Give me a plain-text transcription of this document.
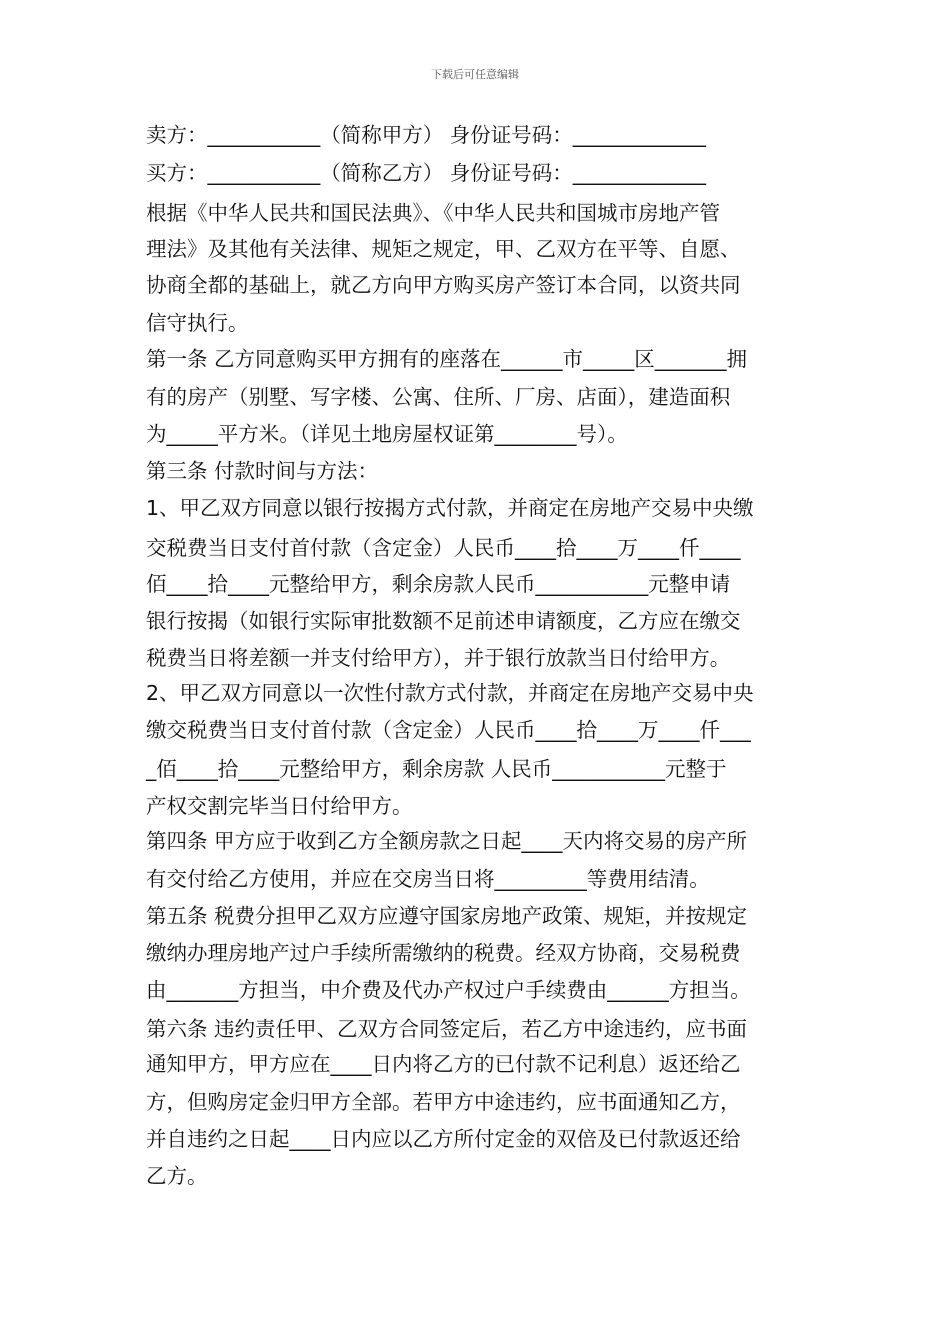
下载后可任意编辑
卖方：___________（简称甲方） 身份证号码：_____________
买方：___________（简称乙方） 身份证号码：_____________
根据《中华人民共和国民法典》、《中华人民共和国城市房地产管
理法》及其他有关法律、规矩之规定，甲、乙双方在平等、自愿、
协商全都的基础上，就乙方向甲方购买房产签订本合同，以资共同
信守执行。
第一条 乙方同意购买甲方拥有的座落在______市_____区_______拥
有的房产（别墅、写字楼、公寓、住所、厂房、店面），建造面积
为_____平方米。（详见土地房屋权证第________号）。
第三条 付款时间与方法：
1、甲乙双方同意以银行按揭方式付款，并商定在房地产交易中央缴
交税费当日支付首付款（含定金）人民币____拾____万____仟____
佰____拾____元整给甲方，剩余房款人民币___________元整申请
银行按揭（如银行实际审批数额不足前述申请额度，乙方应在缴交
税费当日将差额一并支付给甲方），并于银行放款当日付给甲方。
2、甲乙双方同意以一次性付款方式付款，并商定在房地产交易中央
缴交税费当日支付首付款（含定金）人民币____拾____万____仟___
_佰____拾____元整给甲方，剩余房款 人民币___________元整于
产权交割完毕当日付给甲方。
第四条 甲方应于收到乙方全额房款之日起____天内将交易的房产所
有交付给乙方使用，并应在交房当日将_________等费用结清。
第五条 税费分担甲乙双方应遵守国家房地产政策、规矩，并按规定
缴纳办理房地产过户手续所需缴纳的税费。经双方协商，交易税费
由_______方担当，中介费及代办产权过户手续费由______方担当。
第六条 违约责任甲、乙双方合同签定后，若乙方中途违约，应书面
通知甲方，甲方应在____日内将乙方的已付款不记利息）返还给乙
方，但购房定金归甲方全部。若甲方中途违约，应书面通知乙方，
并自违约之日起____日内应以乙方所付定金的双倍及已付款返还给
乙方。
